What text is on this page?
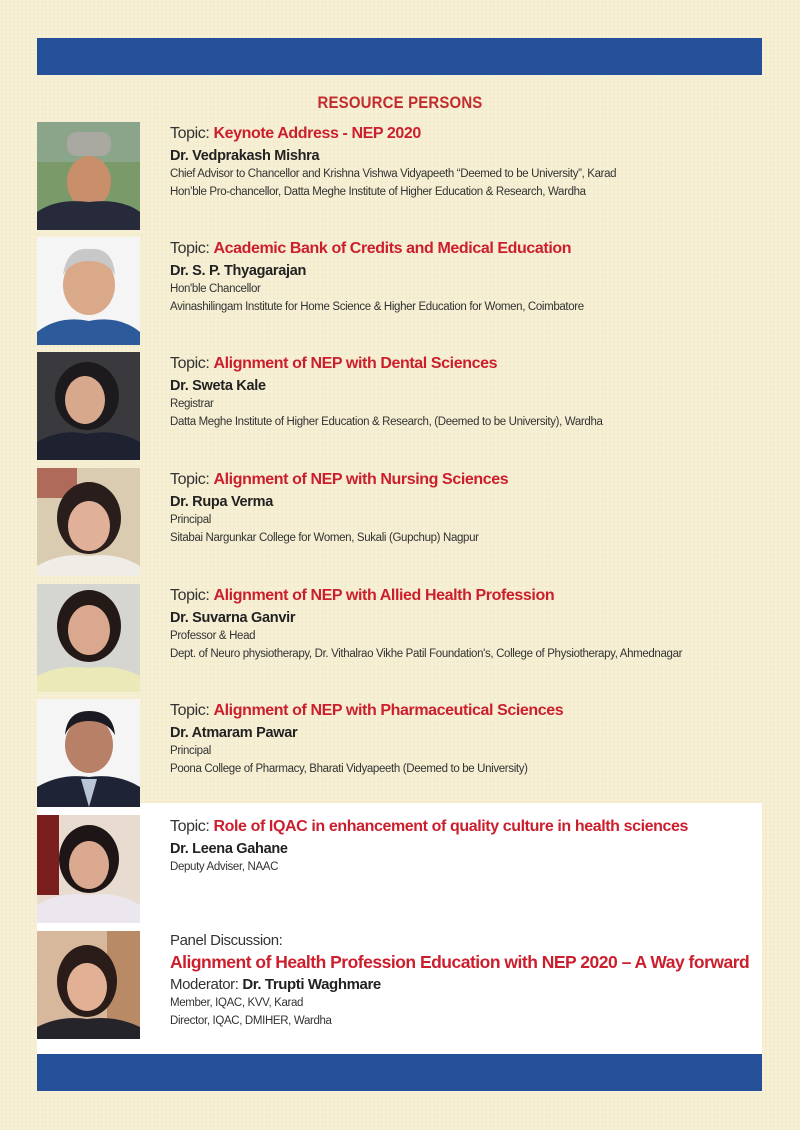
RESOURCE PERSONS
Topic: Keynote Address - NEP 2020
Dr. Vedprakash Mishra
Chief Advisor to Chancellor and Krishna Vishwa Vidyapeeth “Deemed to be University”, Karad
Hon’ble Pro-chancellor, Datta Meghe Institute of Higher Education & Research, Wardha
Topic: Academic Bank of Credits and Medical Education
Dr. S. P. Thyagarajan
Hon'ble Chancellor
Avinashilingam Institute for Home Science & Higher Education for Women, Coimbatore
Topic: Alignment of NEP with Dental Sciences
Dr. Sweta Kale
Registrar
Datta Meghe Institute of Higher Education & Research, (Deemed to be University), Wardha
Topic: Alignment of NEP with Nursing Sciences
Dr. Rupa Verma
Principal
Sitabai Nargunkar College for Women, Sukali (Gupchup) Nagpur
Topic: Alignment of NEP with Allied Health Profession
Dr. Suvarna Ganvir
Professor & Head
Dept. of Neuro physiotherapy, Dr. Vithalrao Vikhe Patil Foundation's, College of Physiotherapy, Ahmednagar
Topic: Alignment of NEP with Pharmaceutical Sciences
Dr. Atmaram Pawar
Principal
Poona College of Pharmacy, Bharati Vidyapeeth (Deemed to be University)
Topic: Role of IQAC in enhancement of quality culture in health sciences
Dr. Leena Gahane
Deputy Adviser, NAAC
Panel Discussion:
Alignment of Health Profession Education with NEP 2020 – A Way forward
Moderator: Dr. Trupti Waghmare
Member, IQAC, KVV, Karad
Director, IQAC, DMIHER, Wardha
